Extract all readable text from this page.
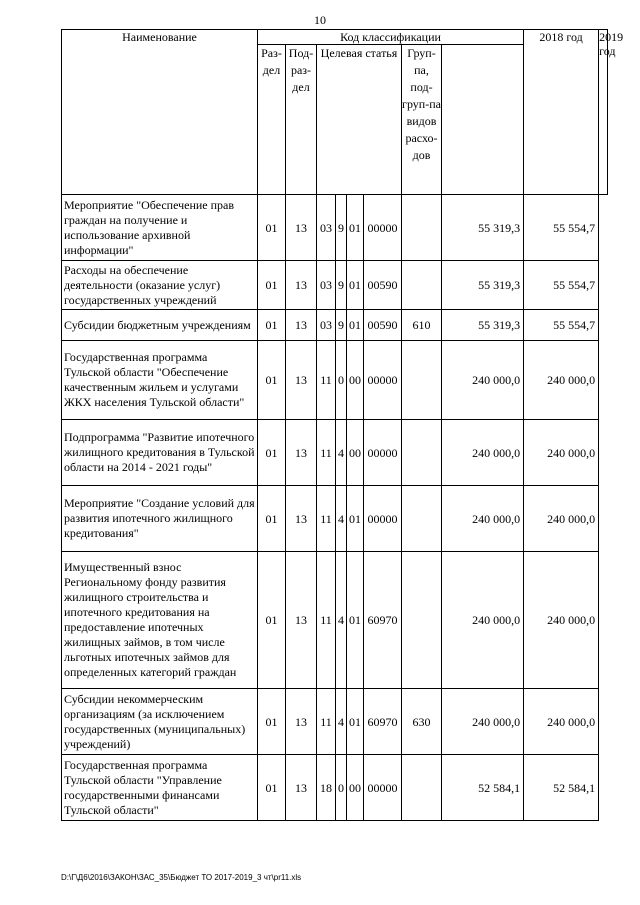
10
Наименование	Код классификации								2018 год	2019 год
	Раз-дел	Под-раз-дел	Целевая статья				Груп-па, под-груп-па видов расхо-дов			
Мероприятие "Обеспечение прав граждан на получение и использование архивной информации"	01	13	03	9	01	00000		55 319,3	55 554,7	
Расходы на обеспечение деятельности (оказание услуг) государственных учреждений	01	13	03	9	01	00590		55 319,3	55 554,7	
Субсидии бюджетным учреждениям	01	13	03	9	01	00590	610	55 319,3	55 554,7	
Государственная программа Тульской области "Обеспечение качественным жильем и услугами ЖКХ населения Тульской области"	01	13	11	0	00	00000		240 000,0	240 000,0	
Подпрограмма "Развитие ипотечного жилищного кредитования в Тульской области на 2014 - 2021 годы"	01	13	11	4	00	00000		240 000,0	240 000,0	
Мероприятие "Создание условий для развития ипотечного жилищного кредитования"	01	13	11	4	01	00000		240 000,0	240 000,0	
Имущественный взнос Региональному фонду развития жилищного строительства и ипотечного кредитования на предоставление ипотечных жилищных займов, в том числе льготных ипотечных займов для определенных категорий граждан	01	13	11	4	01	60970		240 000,0	240 000,0	
Субсидии некоммерческим организациям (за исключением государственных (муниципальных) учреждений)	01	13	11	4	01	60970	630	240 000,0	240 000,0	
Государственная программа Тульской области "Управление государственными финансами Тульской области"	01	13	18	0	00	00000		52 584,1	52 584,1	
D:\Г\Д6\2016\ЗАКОН\ЗАС_35\Бюджет ТО 2017-2019_3 чт\pr11.xls
